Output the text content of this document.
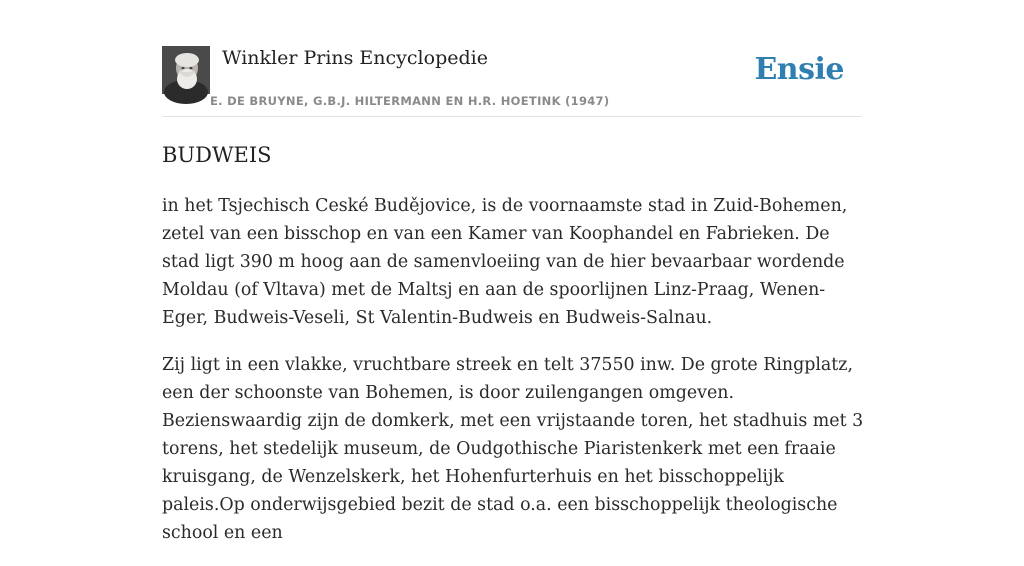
Winkler Prins Encyclopedie
E. DE BRUYNE, G.B.J. HILTERMANN EN H.R. HOETINK (1947)
Ensie
BUDWEIS

in het Tsjechisch Ceské Budějovice, is de voornaamste stad in Zuid-Bohemen, zetel van een bisschop en van een Kamer van Koophandel en Fabrieken. De stad ligt 390 m hoog aan de samenvloeiing van de hier bevaarbaar wordende Moldau (of Vltava) met de Maltsj en aan de spoorlijnen Linz-Praag, Wenen-Eger, Budweis-Veseli, St Valentin-Budweis en Budweis-Salnau.

Zij ligt in een vlakke, vruchtbare streek en telt 37550 inw. De grote Ringplatz, een der schoonste van Bohemen, is door zuilengangen omgeven. Bezienswaardig zijn de domkerk, met een vrijstaande toren, het stadhuis met 3 torens, het stedelijk museum, de Oudgothische Piaristenkerk met een fraaie kruisgang, de Wenzelskerk, het Hohenfurterhuis en het bisschoppelijk paleis.Op onderwijsgebied bezit de stad o.a. een bisschoppelijk theologische school en een
